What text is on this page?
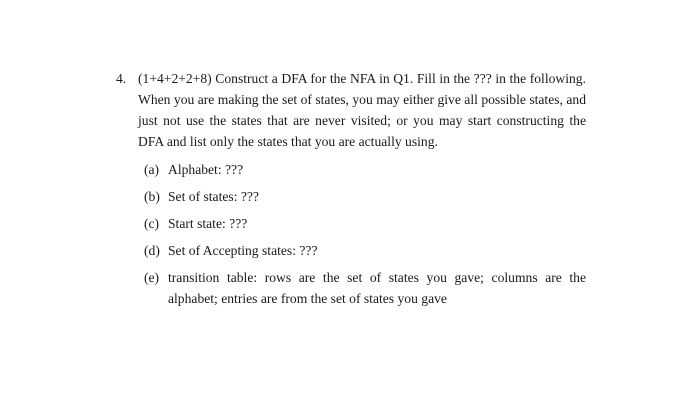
4. (1+4+2+2+8) Construct a DFA for the NFA in Q1. Fill in the ??? in the following. When you are making the set of states, you may either give all possible states, and just not use the states that are never visited; or you may start constructing the DFA and list only the states that you are actually using.
(a) Alphabet: ???
(b) Set of states: ???
(c) Start state: ???
(d) Set of Accepting states: ???
(e) transition table: rows are the set of states you gave; columns are the alphabet; entries are from the set of states you gave
